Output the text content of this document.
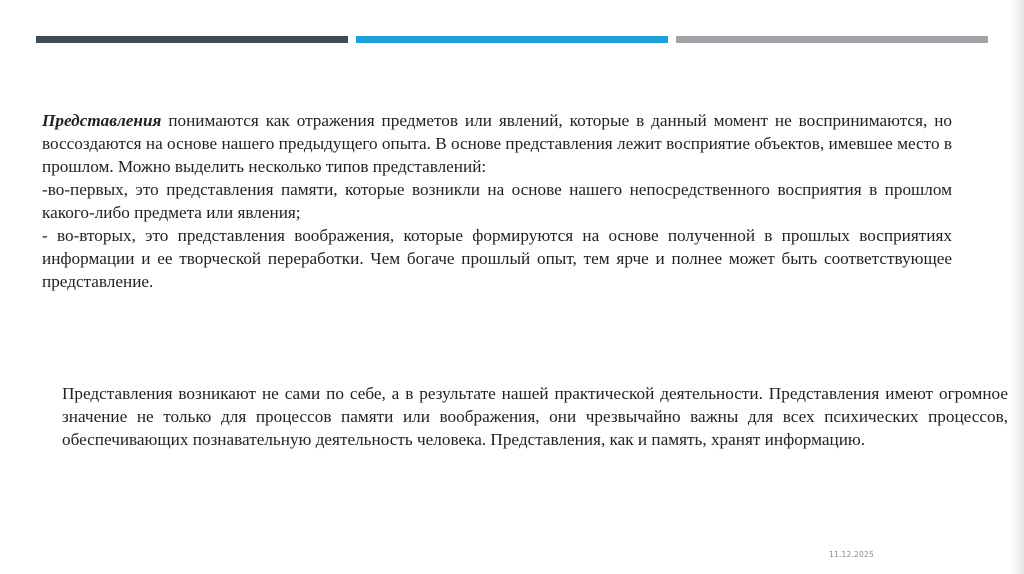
Представления понимаются как отражения предметов или явлений, которые в данный момент не воспринимаются, но воссоздаются на основе нашего предыдущего опыта. В основе представления лежит восприятие объектов, имевшее место в прошлом. Можно выделить несколько типов представлений:

-во-первых, это представления памяти, которые возникли на основе нашего непосредственного восприятия в прошлом какого-либо предмета или явления;

- во-вторых, это представления воображения, которые формируются на основе полученной в прошлых восприятиях информации и ее творческой переработки. Чем богаче прошлый опыт, тем ярче и полнее может быть соответствующее представление.

Представления возникают не сами по себе, а в результате нашей практической деятельности. Представления имеют огромное значение не только для процессов памяти или воображения, они чрезвычайно важны для всех психических процессов, обеспечивающих познавательную деятельность человека. Представления, как и память, хранят информацию.

11.12.2025
